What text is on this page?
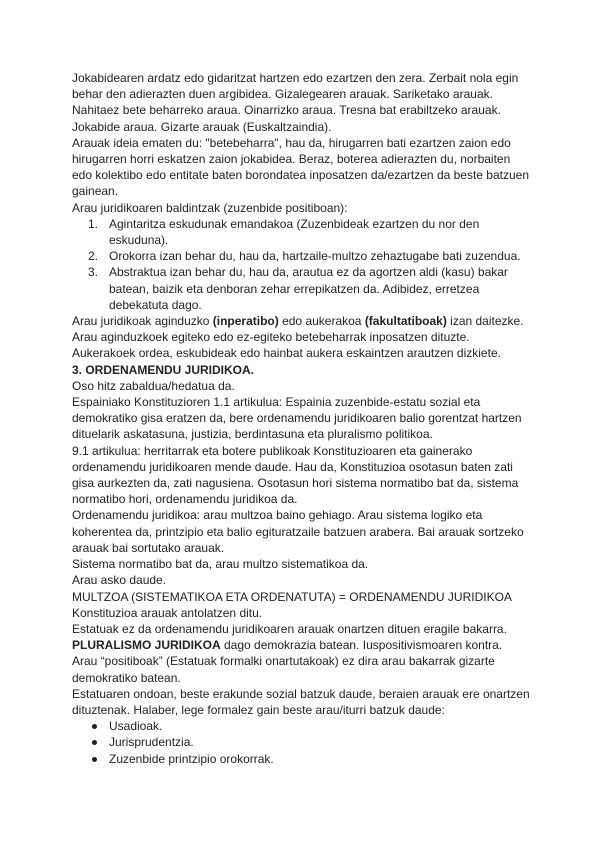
Jokabidearen ardatz edo gidaritzat hartzen edo ezartzen den zera. Zerbait nola egin behar den adierazten duen argibidea. Gizalegearen arauak. Sariketako arauak. Nahitaez bete beharreko araua. Oinarrizko araua. Tresna bat erabiltzeko arauak. Jokabide araua. Gizarte arauak (Euskaltzaindia).

Arauak ideia ematen du: "betebeharra", hau da, hirugarren bati ezartzen zaion edo hirugarren horri eskatzen zaion jokabidea. Beraz, boterea adierazten du, norbaiten edo kolektibo edo entitate baten borondatea inposatzen da/ezartzen da beste batzuen gainean.

Arau juridikoaren baldintzak (zuzenbide positiboan):

1. Agintaritza eskudunak emandakoa (Zuzenbideak ezartzen du nor den eskuduna).
2. Orokorra izan behar du, hau da, hartzaile-multzo zehaztugabe bati zuzendua.
3. Abstraktua izan behar du, hau da, arautua ez da agortzen aldi (kasu) bakar batean, baizik eta denboran zehar errepikatzen da. Adibidez, erretzea debekatuta dago.

Arau juridikoak aginduzko (inperatibo) edo aukerakoa (fakultatiboak) izan daitezke.

Arau aginduzkoek egiteko edo ez-egiteko betebeharrak inposatzen dituzte.

Aukerakoek ordea, eskubideak edo hainbat aukera eskaintzen arautzen dizkiete.

3. ORDENAMENDU JURIDIKOA.

Oso hitz zabaldua/hedatua da.

Espainiako Konstituzioren 1.1 artikulua: Espainia zuzenbide-estatu sozial eta demokratiko gisa eratzen da, bere ordenamendu juridikoaren balio gorentzat hartzen dituelarik askatasuna, justizia, berdintasuna eta pluralismo politikoa.

9.1 artikulua: herritarrak eta botere publikoak Konstituzioaren eta gainerako ordenamendu juridikoaren mende daude. Hau da, Konstituzioa osotasun baten zati gisa aurkezten da, zati nagusiena. Osotasun hori sistema normatibo bat da, sistema normatibo hori, ordenamendu juridikoa da.

Ordenamendu juridikoa: arau multzoa baino gehiago. Arau sistema logiko eta koherentea da, printzipio eta balio egituratzaile batzuen arabera. Bai arauak sortzeko arauak bai sortutako arauak.

Sistema normatibo bat da, arau multzo sistematikoa da.

Arau asko daude.

MULTZOA (SISTEMATIKOA ETA ORDENATUTA) = ORDENAMENDU JURIDIKOA

Konstituzioa arauak antolatzen ditu.

Estatuak ez da ordenamendu juridikoaren arauak onartzen dituen eragile bakarra.

PLURALISMO JURIDIKOA dago demokrazia batean. Iuspositivismoaren kontra.

Arau “positiboak” (Estatuak formalki onartutakoak) ez dira arau bakarrak gizarte demokratiko batean.

Estatuaren ondoan, beste erakunde sozial batzuk daude, beraien arauak ere onartzen dituztenak. Halaber, lege formalez gain beste arau/iturri batzuk daude:

Usadioak.
Jurisprudentzia.
Zuzenbide printzipio orokorrak.
